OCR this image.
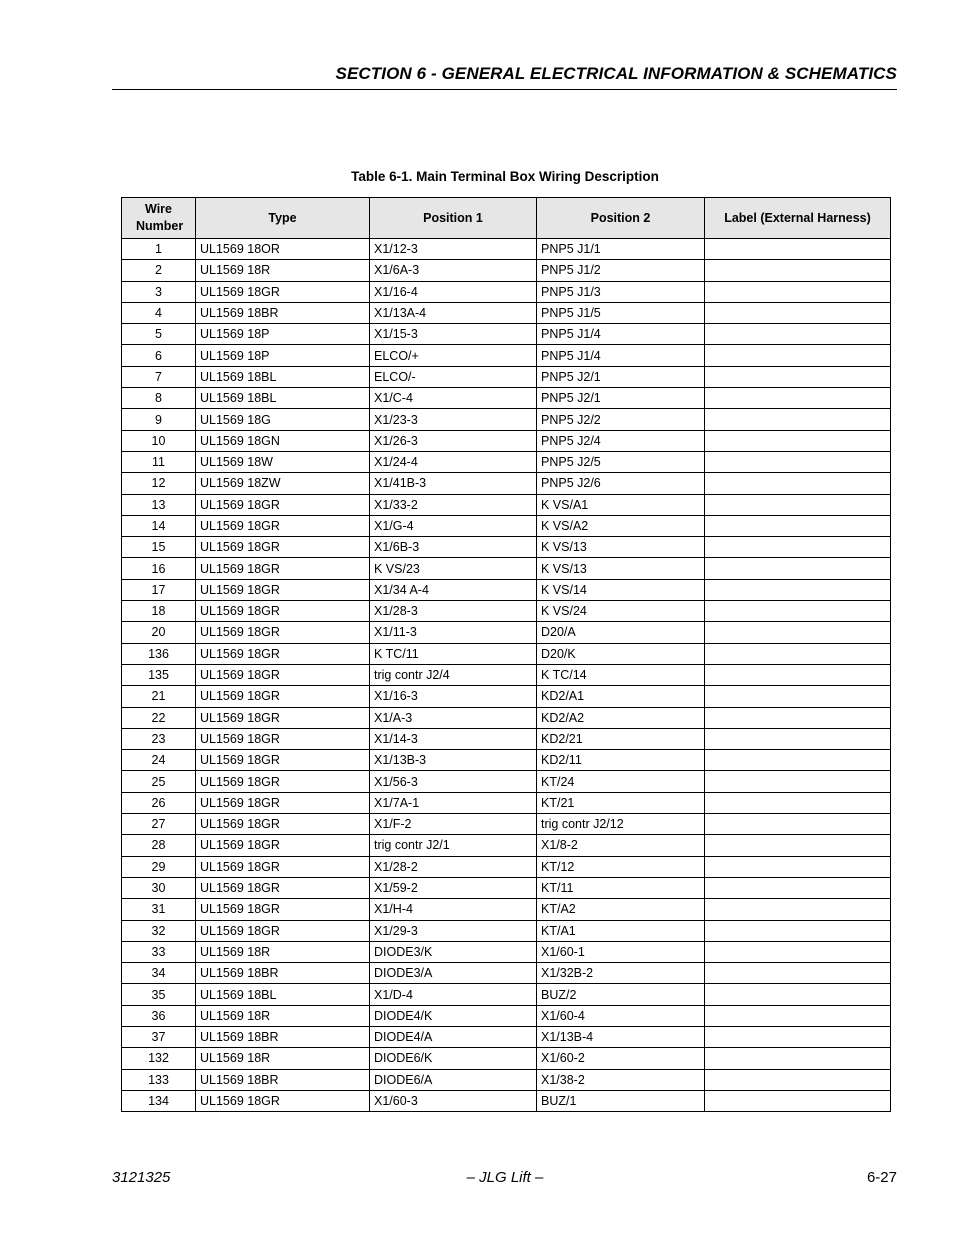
SECTION 6 - GENERAL ELECTRICAL INFORMATION & SCHEMATICS
Table 6-1. Main Terminal Box Wiring Description
Wire Number	Type	Position 1	Position 2	Label (External Harness)
1	UL1569 18OR	X1/12-3	PNP5 J1/1	
2	UL1569 18R	X1/6A-3	PNP5 J1/2	
3	UL1569 18GR	X1/16-4	PNP5 J1/3	
4	UL1569 18BR	X1/13A-4	PNP5 J1/5	
5	UL1569 18P	X1/15-3	PNP5 J1/4	
6	UL1569 18P	ELCO/+	PNP5 J1/4	
7	UL1569 18BL	ELCO/-	PNP5 J2/1	
8	UL1569 18BL	X1/C-4	PNP5 J2/1	
9	UL1569 18G	X1/23-3	PNP5 J2/2	
10	UL1569 18GN	X1/26-3	PNP5 J2/4	
11	UL1569 18W	X1/24-4	PNP5 J2/5	
12	UL1569 18ZW	X1/41B-3	PNP5 J2/6	
13	UL1569 18GR	X1/33-2	K VS/A1	
14	UL1569 18GR	X1/G-4	K VS/A2	
15	UL1569 18GR	X1/6B-3	K VS/13	
16	UL1569 18GR	K VS/23	K VS/13	
17	UL1569 18GR	X1/34 A-4	K VS/14	
18	UL1569 18GR	X1/28-3	K VS/24	
20	UL1569 18GR	X1/11-3	D20/A	
136	UL1569 18GR	K TC/11	D20/K	
135	UL1569 18GR	trig contr J2/4	K TC/14	
21	UL1569 18GR	X1/16-3	KD2/A1	
22	UL1569 18GR	X1/A-3	KD2/A2	
23	UL1569 18GR	X1/14-3	KD2/21	
24	UL1569 18GR	X1/13B-3	KD2/11	
25	UL1569 18GR	X1/56-3	KT/24	
26	UL1569 18GR	X1/7A-1	KT/21	
27	UL1569 18GR	X1/F-2	trig contr J2/12	
28	UL1569 18GR	trig contr J2/1	X1/8-2	
29	UL1569 18GR	X1/28-2	KT/12	
30	UL1569 18GR	X1/59-2	KT/11	
31	UL1569 18GR	X1/H-4	KT/A2	
32	UL1569 18GR	X1/29-3	KT/A1	
33	UL1569 18R	DIODE3/K	X1/60-1	
34	UL1569 18BR	DIODE3/A	X1/32B-2	
35	UL1569 18BL	X1/D-4	BUZ/2	
36	UL1569 18R	DIODE4/K	X1/60-4	
37	UL1569 18BR	DIODE4/A	X1/13B-4	
132	UL1569 18R	DIODE6/K	X1/60-2	
133	UL1569 18BR	DIODE6/A	X1/38-2	
134	UL1569 18GR	X1/60-3	BUZ/1	
3121325	– JLG Lift –	6-27
